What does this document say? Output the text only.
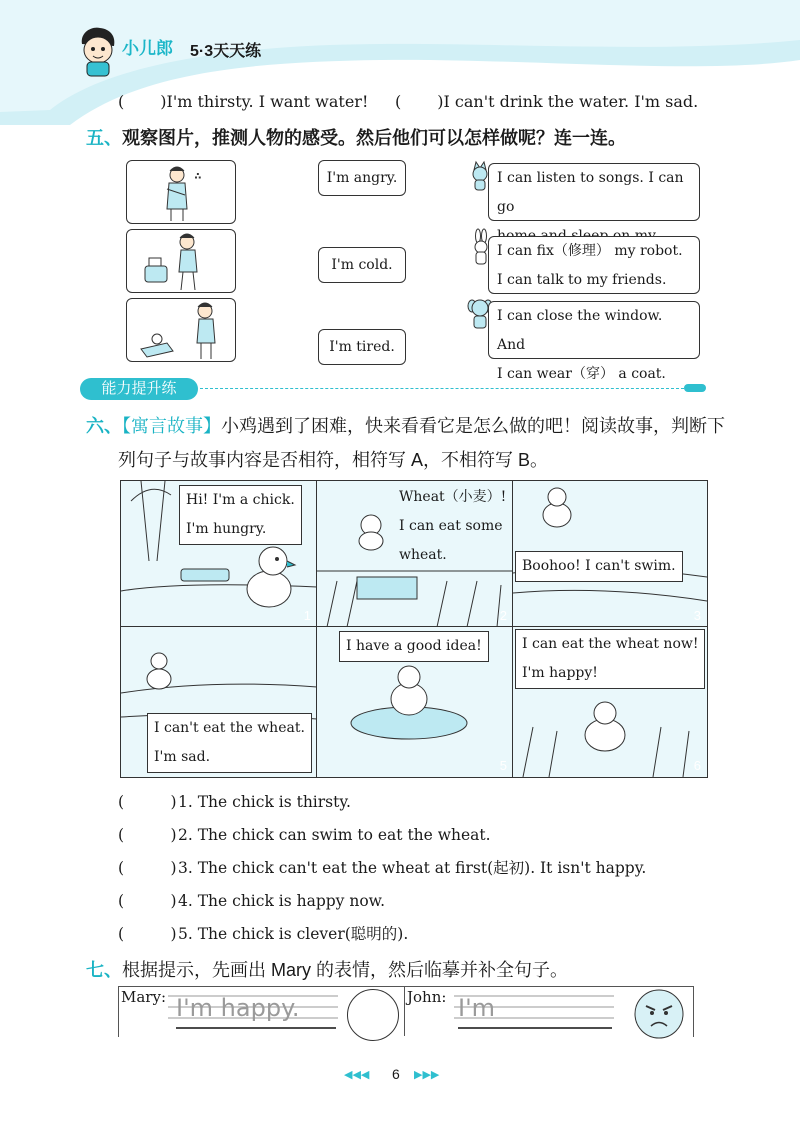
小儿郎 5·3天天练
( )I'm thirsty. I want water! ( )I can't drink the water. I'm sad.
五、观察图片，推测人物的感受。然后他们可以怎样做呢？连一连。
∴	I'm angry.
I'm cold.
I'm tired.
I can listen to songs. I can go
I can fix（修理） my robot.
I can talk to my friends.
I can close the window. And
I can wear（穿） a coat.
能力提升练
六、【寓言故事】小鸡遇到了困难，快来看看它是怎么做的吧！阅读故事，判断下
列句子与故事内容是否相符，相符写 A，不相符写 B。
Hi! I'm a chick.
I'm hungry.
1
Wheat（小麦）!
I can eat some
wheat.
2
Boohoo! I can't swim.
3
I can't eat the wheat.
I'm sad.
4
I have a good idea!
5
I can eat the wheat now!
I'm happy!
6
(　　　)1. The chick is thirsty.
(　　　)2. The chick can swim to eat the wheat.
(　　　)3. The chick can't eat the wheat at first(起初). It isn't happy.
(　　　)4. The chick is happy now.
(　　　)5. The chick is clever(聪明的).
七、根据提示，先画出 Mary 的表情，然后临摹并补全句子。
Mary: I'm happy.	John: I'm
◀◀◀ 6 ▶▶▶
